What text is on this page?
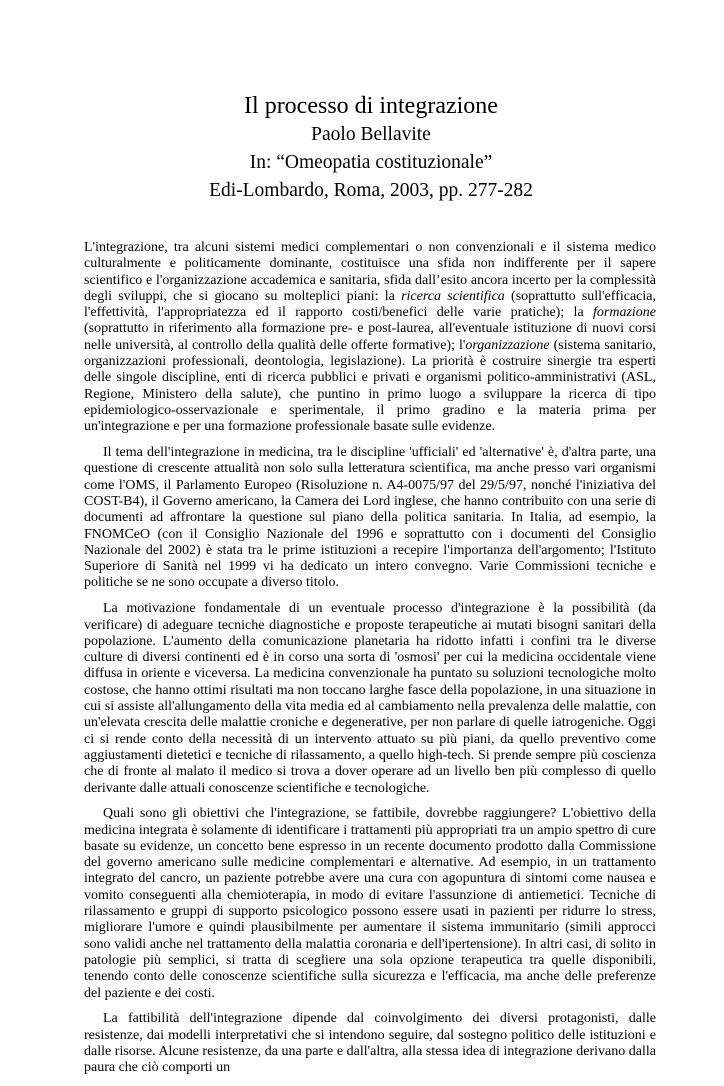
Il processo di integrazione

Paolo Bellavite

In: “Omeopatia costituzionale”

Edi-Lombardo, Roma, 2003, pp. 277-282

L'integrazione, tra alcuni sistemi medici complementari o non convenzionali e il sistema medico culturalmente e politicamente dominante, costituisce una sfida non indifferente per il sapere scientifico e l'organizzazione accademica e sanitaria, sfida dall’esito ancora incerto per la complessità degli sviluppi, che si giocano su molteplici piani: la ricerca scientifica (soprattutto sull'efficacia, l'effettività, l'appropriatezza ed il rapporto costi/benefici delle varie pratiche); la formazione (soprattutto in riferimento alla formazione pre- e post-laurea, all'eventuale istituzione di nuovi corsi nelle università, al controllo della qualità delle offerte formative); l'organizzazione (sistema sanitario, organizzazioni professionali, deontologia, legislazione). La priorità è costruire sinergie tra esperti delle singole discipline, enti di ricerca pubblici e privati e organismi politico-amministrativi (ASL, Regione, Ministero della salute), che puntino in primo luogo a sviluppare la ricerca di tipo epidemiologico-osservazionale e sperimentale, il primo gradino e la materia prima per un'integrazione e per una formazione professionale basate sulle evidenze.

Il tema dell'integrazione in medicina, tra le discipline 'ufficiali' ed 'alternative' è, d'altra parte, una questione di crescente attualità non solo sulla letteratura scientifica, ma anche presso vari organismi come l'OMS, il Parlamento Europeo (Risoluzione n. A4-0075/97 del 29/5/97, nonché l'iniziativa del COST-B4), il Governo americano, la Camera dei Lord inglese, che hanno contribuito con una serie di documenti ad affrontare la questione sul piano della politica sanitaria. In Italia, ad esempio, la FNOMCeO (con il Consiglio Nazionale del 1996 e soprattutto con i documenti del Consiglio Nazionale del 2002) è stata tra le prime istituzioni a recepire l'importanza dell'argomento; l'Istituto Superiore di Sanità nel 1999 vi ha dedicato un intero convegno. Varie Commissioni tecniche e politiche se ne sono occupate a diverso titolo.

La motivazione fondamentale di un eventuale processo d'integrazione è la possibilità (da verificare) di adeguare tecniche diagnostiche e proposte terapeutiche ai mutati bisogni sanitari della popolazione. L'aumento della comunicazione planetaria ha ridotto infatti i confini tra le diverse culture di diversi continenti ed è in corso una sorta di 'osmosi' per cui la medicina occidentale viene diffusa in oriente e viceversa. La medicina convenzionale ha puntato su soluzioni tecnologiche molto costose, che hanno ottimi risultati ma non toccano larghe fasce della popolazione, in una situazione in cui si assiste all'allungamento della vita media ed al cambiamento nella prevalenza delle malattie, con un'elevata crescita delle malattie croniche e degenerative, per non parlare di quelle iatrogeniche. Oggi ci si rende conto della necessità di un intervento attuato su più piani, da quello preventivo come aggiustamenti dietetici e tecniche di rilassamento, a quello high-tech. Si prende sempre più coscienza che di fronte al malato il medico si trova a dover operare ad un livello ben più complesso di quello derivante dalle attuali conoscenze scientifiche e tecnologiche.

Quali sono gli obiettivi che l'integrazione, se fattibile, dovrebbe raggiungere? L'obiettivo della medicina integrata è solamente di identificare i trattamenti più appropriati tra un ampio spettro di cure basate su evidenze, un concetto bene espresso in un recente documento prodotto dalla Commissione del governo americano sulle medicine complementari e alternative. Ad esempio, in un trattamento integrato del cancro, un paziente potrebbe avere una cura con agopuntura di sintomi come nausea e vomito conseguenti alla chemioterapia, in modo di evitare l'assunzione di antiemetici. Tecniche di rilassamento e gruppi di supporto psicologico possono essere usati in pazienti per ridurre lo stress, migliorare l'umore e quindi plausibilmente per aumentare il sistema immunitario (simili approcci sono validi anche nel trattamento della malattia coronaria e dell'ipertensione). In altri casi, di solito in patologie più semplici, si tratta di scegliere una sola opzione terapeutica tra quelle disponibili, tenendo conto delle conoscenze scientifiche sulla sicurezza e l'efficacia, ma anche delle preferenze del paziente e dei costi.

La fattibilità dell'integrazione dipende dal coinvolgimento dei diversi protagonisti, dalle resistenze, dai modelli interpretativi che si intendono seguire, dal sostegno politico delle istituzioni e dalle risorse. Alcune resistenze, da una parte e dall'altra, alla stessa idea di integrazione derivano dalla paura che ciò comporti un
